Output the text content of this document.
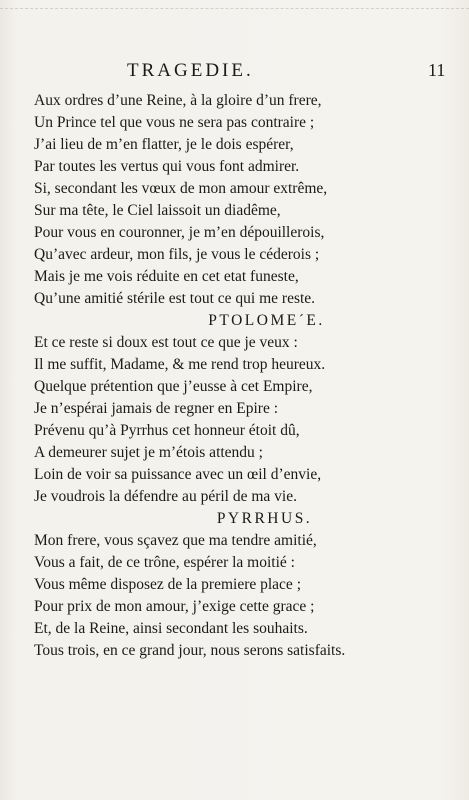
TRAGEDIE.	11

Aux ordres d’une Reine, à la gloire d’un frere,
Un Prince tel que vous ne sera pas contraire ;
J’ai lieu de m’en flatter, je le dois espérer,
Par toutes les vertus qui vous font admirer.
Si, secondant les vœux de mon amour extrême,
Sur ma tête, le Ciel laissoit un diadême,
Pour vous en couronner, je m’en dépouillerois,
Qu’avec ardeur, mon fils, je vous le céderois ;
Mais je me vois réduite en cet etat funeste,
Qu’une amitié stérile est tout ce qui me reste.
PTOLOMEˊE.
Et ce reste si doux est tout ce que je veux :
Il me suffit, Madame, & me rend trop heureux.
Quelque prétention que j’eusse à cet Empire,
Je n’espérai jamais de regner en Epire :
Prévenu qu’à Pyrrhus cet honneur étoit dû,
A demeurer sujet je m’étois attendu ;
Loin de voir sa puissance avec un œil d’envie,
Je voudrois la défendre au péril de ma vie.
PYRRHUS.
Mon frere, vous sçavez que ma tendre amitié,
Vous a fait, de ce trône, espérer la moitié :
Vous même disposez de la premiere place ;
Pour prix de mon amour, j’exige cette grace ;
Et, de la Reine, ainsi secondant les souhaits.
Tous trois, en ce grand jour, nous serons satisfaits.
